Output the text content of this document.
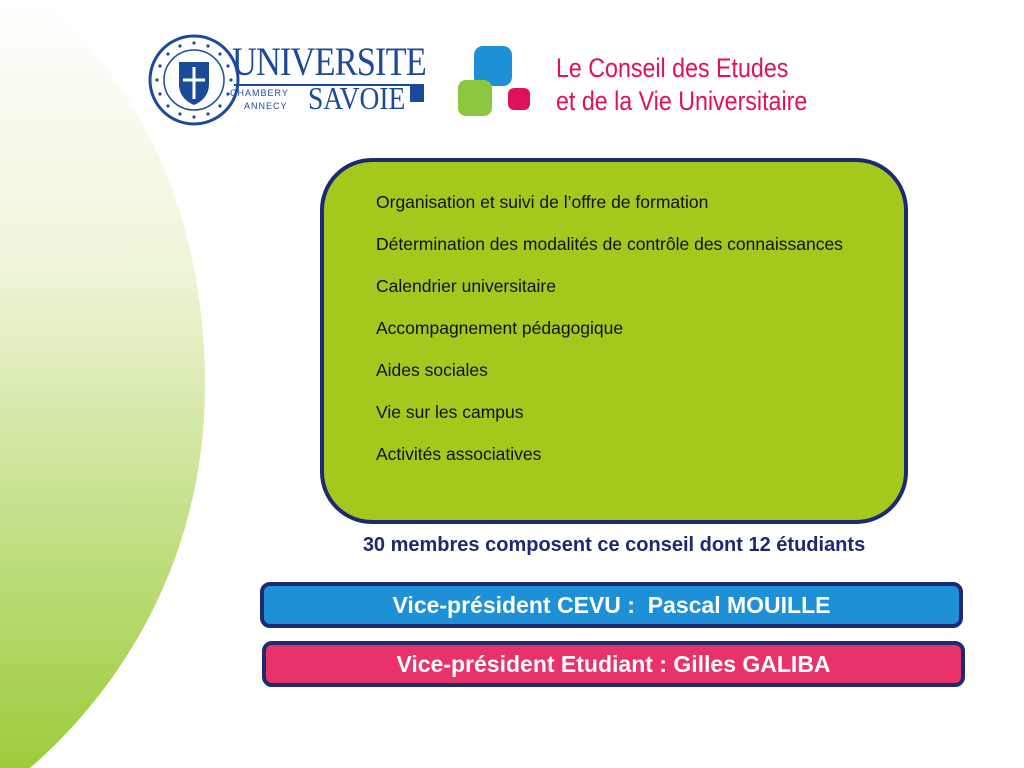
UNIVERSITE
CHAMBERY
ANNECY SAVOIE
Le Conseil des Etudes
et de la Vie Universitaire
Organisation et suivi de l’offre de formation
Détermination des modalités de contrôle des connaissances
Calendrier universitaire
Accompagnement pédagogique
Aides sociales
Vie sur les campus
Activités associatives
30 membres composent ce conseil dont 12 étudiants
Vice-président CEVU :  Pascal MOUILLE
Vice-président Etudiant : Gilles GALIBA
